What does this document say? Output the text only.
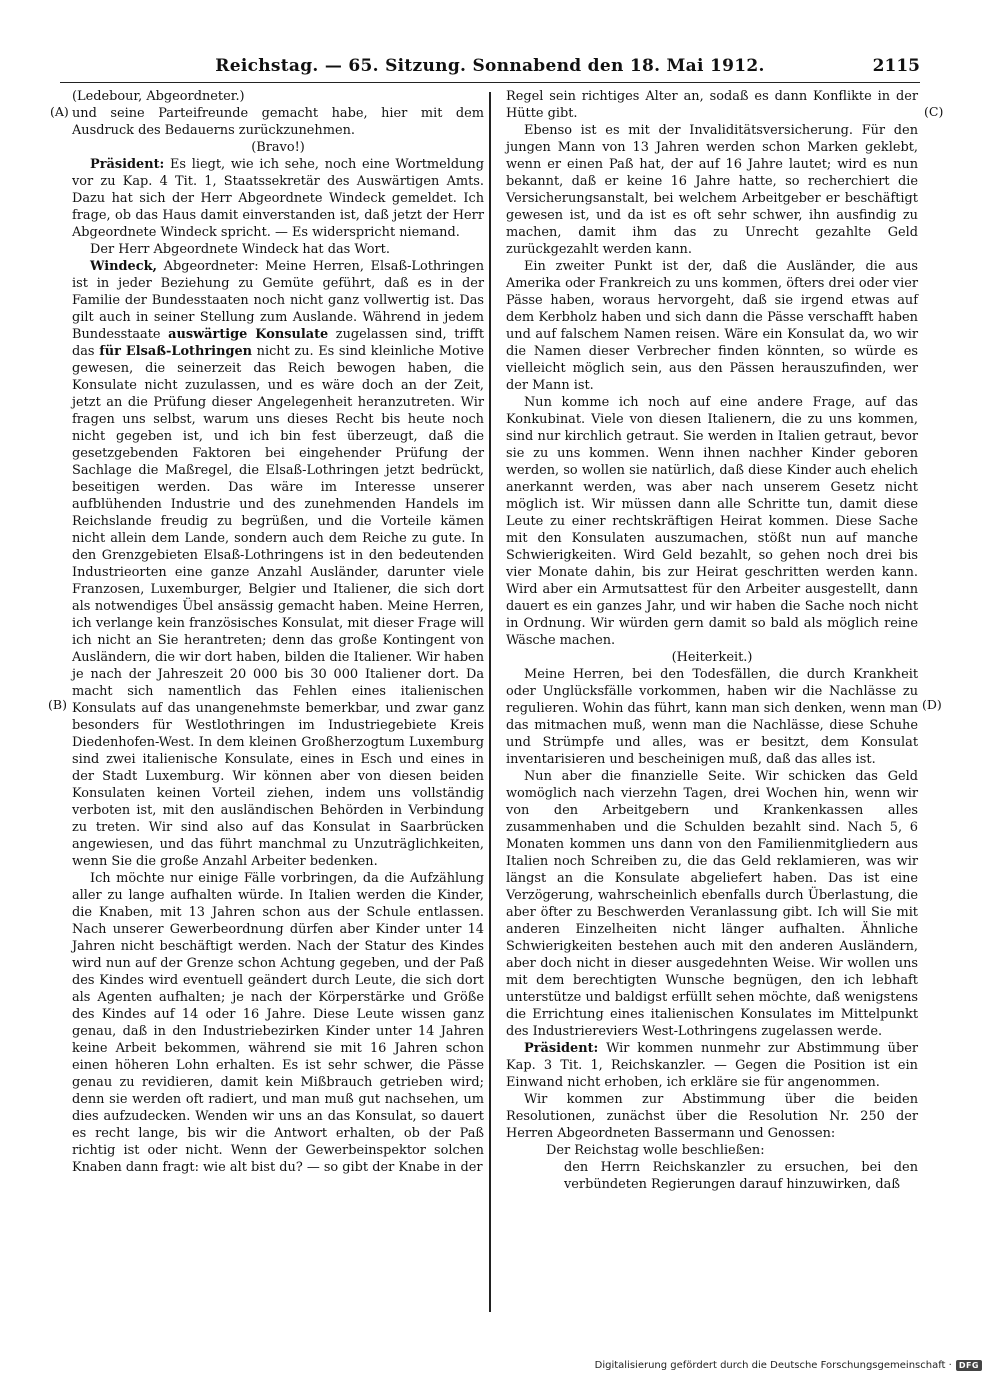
Reichstag. — 65. Sitzung. Sonnabend den 18. Mai 1912.	2115
(A)
(B)
(C)
(D)

(Ledebour, Abgeordneter.)

und seine Parteifreunde gemacht habe, hier mit dem Ausdruck des Bedauerns zurückzunehmen.

(Bravo!)

Präsident: Es liegt, wie ich sehe, noch eine Wortmeldung vor zu Kap. 4 Tit. 1, Staatssekretär des Auswärtigen Amts. Dazu hat sich der Herr Abgeordnete Windeck gemeldet. Ich frage, ob das Haus damit einverstanden ist, daß jetzt der Herr Abgeordnete Windeck spricht. — Es widerspricht niemand.

Der Herr Abgeordnete Windeck hat das Wort.

Windeck, Abgeordneter: Meine Herren, Elsaß-Lothringen ist in jeder Beziehung zu Gemüte geführt, daß es in der Familie der Bundesstaaten noch nicht ganz vollwertig ist. Das gilt auch in seiner Stellung zum Auslande. Während in jedem Bundesstaate auswärtige Konsulate zugelassen sind, trifft das für Elsaß-Lothringen nicht zu. Es sind kleinliche Motive gewesen, die seinerzeit das Reich bewogen haben, die Konsulate nicht zuzulassen, und es wäre doch an der Zeit, jetzt an die Prüfung dieser Angelegenheit heranzutreten. Wir fragen uns selbst, warum uns dieses Recht bis heute noch nicht gegeben ist, und ich bin fest überzeugt, daß die gesetzgebenden Faktoren bei eingehender Prüfung der Sachlage die Maßregel, die Elsaß-Lothringen jetzt bedrückt, beseitigen werden. Das wäre im Interesse unserer aufblühenden Industrie und des zunehmenden Handels im Reichslande freudig zu begrüßen, und die Vorteile kämen nicht allein dem Lande, sondern auch dem Reiche zu gute. In den Grenzgebieten Elsaß-Lothringens ist in den bedeutenden Industrieorten eine ganze Anzahl Ausländer, darunter viele Franzosen, Luxemburger, Belgier und Italiener, die sich dort als notwendiges Übel ansässig gemacht haben. Meine Herren, ich verlange kein französisches Konsulat, mit dieser Frage will ich nicht an Sie herantreten; denn das große Kontingent von Ausländern, die wir dort haben, bilden die Italiener. Wir haben je nach der Jahreszeit 20 000 bis 30 000 Italiener dort. Da macht sich namentlich das Fehlen eines italienischen Konsulats auf das unangenehmste bemerkbar, und zwar ganz besonders für Westlothringen im Industriegebiete Kreis Diedenhofen-West. In dem kleinen Großherzogtum Luxemburg sind zwei italienische Konsulate, eines in Esch und eines in der Stadt Luxemburg. Wir können aber von diesen beiden Konsulaten keinen Vorteil ziehen, indem uns vollständig verboten ist, mit den ausländischen Behörden in Verbindung zu treten. Wir sind also auf das Konsulat in Saarbrücken angewiesen, und das führt manchmal zu Unzuträglichkeiten, wenn Sie die große Anzahl Arbeiter bedenken.

Ich möchte nur einige Fälle vorbringen, da die Aufzählung aller zu lange aufhalten würde. In Italien werden die Kinder, die Knaben, mit 13 Jahren schon aus der Schule entlassen. Nach unserer Gewerbeordnung dürfen aber Kinder unter 14 Jahren nicht beschäftigt werden. Nach der Statur des Kindes wird nun auf der Grenze schon Achtung gegeben, und der Paß des Kindes wird eventuell geändert durch Leute, die sich dort als Agenten aufhalten; je nach der Körperstärke und Größe des Kindes auf 14 oder 16 Jahre. Diese Leute wissen ganz genau, daß in den Industriebezirken Kinder unter 14 Jahren keine Arbeit bekommen, während sie mit 16 Jahren schon einen höheren Lohn erhalten. Es ist sehr schwer, die Pässe genau zu revidieren, damit kein Mißbrauch getrieben wird; denn sie werden oft radiert, und man muß gut nachsehen, um dies aufzudecken. Wenden wir uns an das Konsulat, so dauert es recht lange, bis wir die Antwort erhalten, ob der Paß richtig ist oder nicht. Wenn der Gewerbeinspektor solchen Knaben dann fragt: wie alt bist du? — so gibt der Knabe in der

Regel sein richtiges Alter an, sodaß es dann Konflikte in der Hütte gibt.

Ebenso ist es mit der Invaliditätsversicherung. Für den jungen Mann von 13 Jahren werden schon Marken geklebt, wenn er einen Paß hat, der auf 16 Jahre lautet; wird es nun bekannt, daß er keine 16 Jahre hatte, so recherchiert die Versicherungsanstalt, bei welchem Arbeitgeber er beschäftigt gewesen ist, und da ist es oft sehr schwer, ihn ausfindig zu machen, damit ihm das zu Unrecht gezahlte Geld zurückgezahlt werden kann.

Ein zweiter Punkt ist der, daß die Ausländer, die aus Amerika oder Frankreich zu uns kommen, öfters drei oder vier Pässe haben, woraus hervorgeht, daß sie irgend etwas auf dem Kerbholz haben und sich dann die Pässe verschafft haben und auf falschem Namen reisen. Wäre ein Konsulat da, wo wir die Namen dieser Verbrecher finden könnten, so würde es vielleicht möglich sein, aus den Pässen herauszufinden, wer der Mann ist.

Nun komme ich noch auf eine andere Frage, auf das Konkubinat. Viele von diesen Italienern, die zu uns kommen, sind nur kirchlich getraut. Sie werden in Italien getraut, bevor sie zu uns kommen. Wenn ihnen nachher Kinder geboren werden, so wollen sie natürlich, daß diese Kinder auch ehelich anerkannt werden, was aber nach unserem Gesetz nicht möglich ist. Wir müssen dann alle Schritte tun, damit diese Leute zu einer rechtskräftigen Heirat kommen. Diese Sache mit den Konsulaten auszumachen, stößt nun auf manche Schwierigkeiten. Wird Geld bezahlt, so gehen noch drei bis vier Monate dahin, bis zur Heirat geschritten werden kann. Wird aber ein Armutsattest für den Arbeiter ausgestellt, dann dauert es ein ganzes Jahr, und wir haben die Sache noch nicht in Ordnung. Wir würden gern damit so bald als möglich reine Wäsche machen.

(Heiterkeit.)

Meine Herren, bei den Todesfällen, die durch Krankheit oder Unglücksfälle vorkommen, haben wir die Nachlässe zu regulieren. Wohin das führt, kann man sich denken, wenn man das mitmachen muß, wenn man die Nachlässe, diese Schuhe und Strümpfe und alles, was er besitzt, dem Konsulat inventarisieren und bescheinigen muß, daß das alles ist.

Nun aber die finanzielle Seite. Wir schicken das Geld womöglich nach vierzehn Tagen, drei Wochen hin, wenn wir von den Arbeitgebern und Krankenkassen alles zusammenhaben und die Schulden bezahlt sind. Nach 5, 6 Monaten kommen uns dann von den Familienmitgliedern aus Italien noch Schreiben zu, die das Geld reklamieren, was wir längst an die Konsulate abgeliefert haben. Das ist eine Verzögerung, wahrscheinlich ebenfalls durch Überlastung, die aber öfter zu Beschwerden Veranlassung gibt. Ich will Sie mit anderen Einzelheiten nicht länger aufhalten. Ähnliche Schwierigkeiten bestehen auch mit den anderen Ausländern, aber doch nicht in dieser ausgedehnten Weise. Wir wollen uns mit dem berechtigten Wunsche begnügen, den ich lebhaft unterstütze und baldigst erfüllt sehen möchte, daß wenigstens die Errichtung eines italienischen Konsulates im Mittelpunkt des Industriereviers West-Lothringens zugelassen werde.

Präsident: Wir kommen nunmehr zur Abstimmung über Kap. 3 Tit. 1, Reichskanzler. — Gegen die Position ist ein Einwand nicht erhoben, ich erkläre sie für angenommen.

Wir kommen zur Abstimmung über die beiden Resolutionen, zunächst über die Resolution Nr. 250 der Herren Abgeordneten Bassermann und Genossen:

Der Reichstag wolle beschließen:

den Herrn Reichskanzler zu ersuchen, bei den verbündeten Regierungen darauf hinzuwirken, daß

Digitalisierung gefördert durch die Deutsche Forschungsgemeinschaft · DFG
